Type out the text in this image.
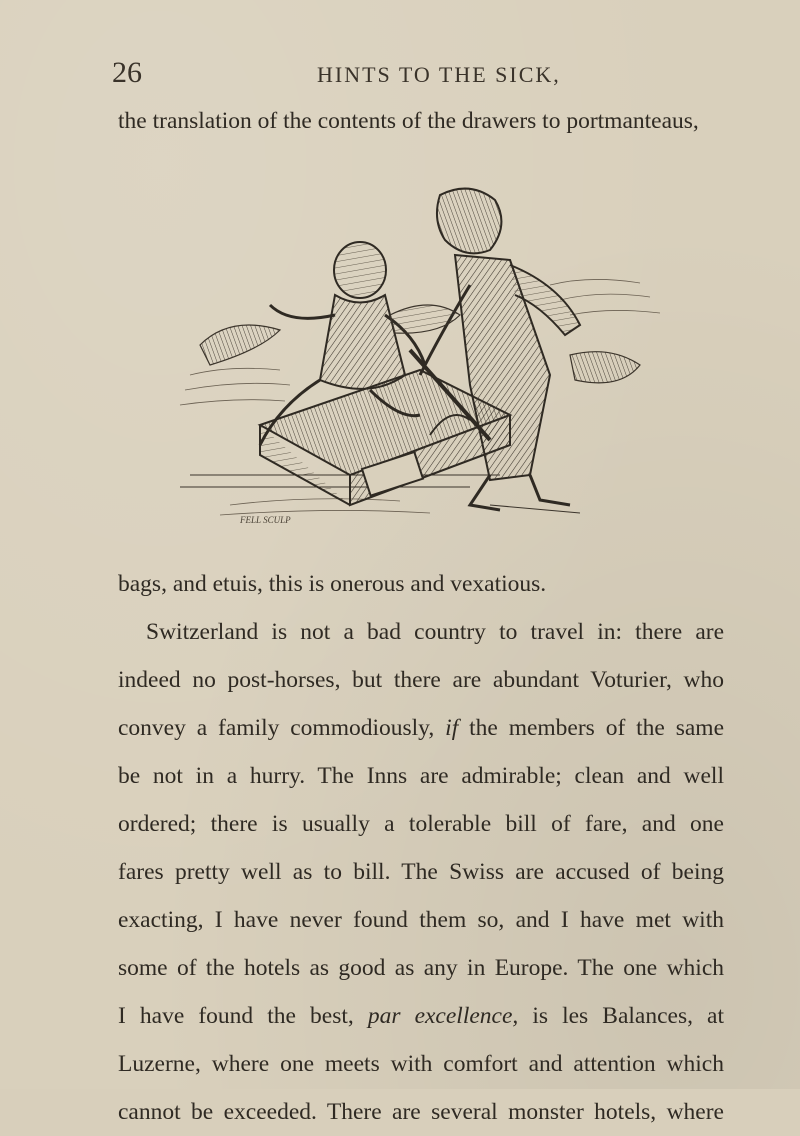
26	HINTS TO THE SICK,
the translation of the contents of the drawers to portmanteaus,
FELL SCULP
bags, and etuis, this is onerous and vexatious.
Switzerland is not a bad country to travel in: there are
indeed no post-horses, but there are abundant Voturier, who
convey a family commodiously, if the members of the same
be not in a hurry. The Inns are admirable; clean and well
ordered; there is usually a tolerable bill of fare, and one
fares pretty well as to bill. The Swiss are accused of being
exacting, I have never found them so, and I have met with
some of the hotels as good as any in Europe. The one which
I have found the best, par excellence, is les Balances, at
Luzerne, where one meets with comfort and attention which
cannot be exceeded. There are several monster hotels, where
